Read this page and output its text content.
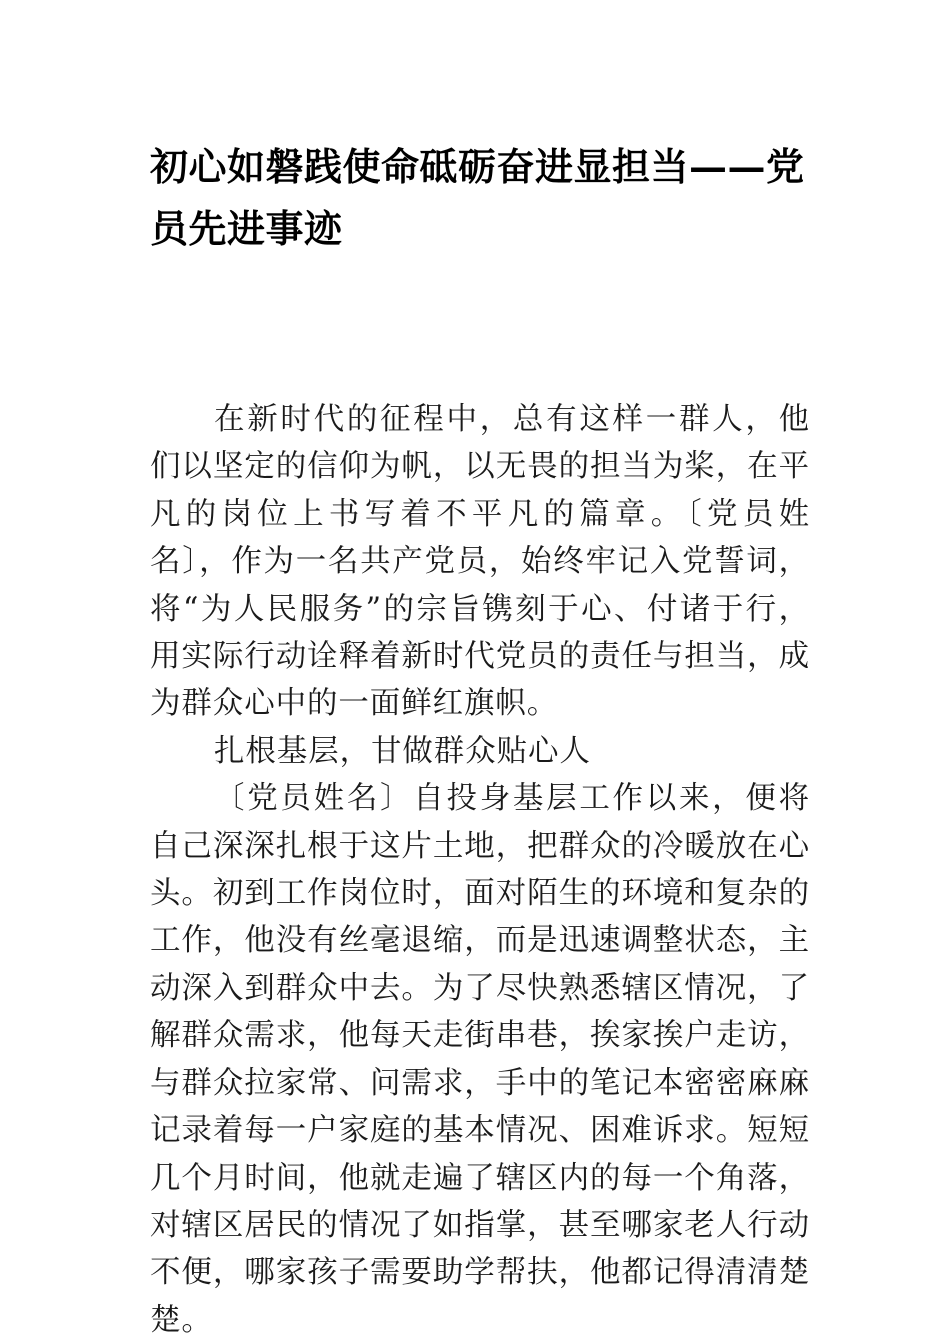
初心如磐践使命砥砺奋进显担当——党员先进事迹

在新时代的征程中，总有这样一群人，他们以坚定的信仰为帆，以无畏的担当为桨，在平凡的岗位上书写着不平凡的篇章。〔党员姓名〕，作为一名共产党员，始终牢记入党誓词，将“为人民服务”的宗旨镌刻于心、付诸于行，用实际行动诠释着新时代党员的责任与担当，成为群众心中的一面鲜红旗帜。

扎根基层，甘做群众贴心人

〔党员姓名〕自投身基层工作以来，便将自己深深扎根于这片土地，把群众的冷暖放在心头。初到工作岗位时，面对陌生的环境和复杂的工作，他没有丝毫退缩，而是迅速调整状态，主动深入到群众中去。为了尽快熟悉辖区情况，了解群众需求，他每天走街串巷，挨家挨户走访，与群众拉家常、问需求，手中的笔记本密密麻麻记录着每一户家庭的基本情况、困难诉求。短短几个月时间，他就走遍了辖区内的每一个角落，对辖区居民的情况了如指掌，甚至哪家老人行动不便，哪家孩子需要助学帮扶，他都记得清清楚楚。
